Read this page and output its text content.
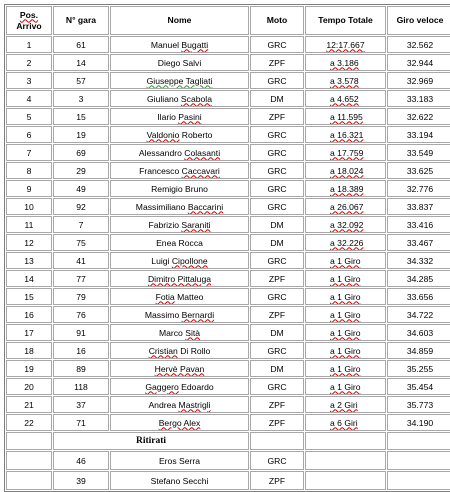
Pos.
Arrivo	N° gara	Nome	Moto	Tempo Totale	Giro veloce
1	61	Manuel Bugatti	GRC	12:17.667	32.562
2	14	Diego Salvi	ZPF	a 3.186	32.944
3	57	Giuseppe Tagliati	GRC	a 3.578	32.969
4	3	Giuliano Scabola	DM	a 4.652	33.183
5	15	Ilario Pasini	ZPF	a 11.595	32.622
6	19	Valdonio Roberto	GRC	a 16.321	33.194
7	69	Alessandro Colasanti	GRC	a 17.759	33.549
8	29	Francesco Caccavari	GRC	a 18.024	33.625
9	49	Remigio Bruno	GRC	a 18.389	32.776
10	92	Massimiliano Baccarini	GRC	a 26.067	33.837
11	7	Fabrizio Saraniti	DM	a 32.092	33.416
12	75	Enea Rocca	DM	a 32.226	33.467
13	41	Luigi Cipollone	GRC	a 1 Giro	34.332
14	77	Dimitro Pittaluga	ZPF	a 1 Giro	34.285
15	79	Fotia Matteo	GRC	a 1 Giro	33.656
16	76	Massimo Bernardi	ZPF	a 1 Giro	34.722
17	91	Marco Sità	DM	a 1 Giro	34.603
18	16	Cristian Di Rollo	GRC	a 1 Giro	34.859
19	89	Hervè Pavan	DM	a 1 Giro	35.255
20	118	Gaggero Edoardo	GRC	a 1 Giro	35.454
21	37	Andrea Mastrigli	ZPF	a 2 Giri	35.773
22	71	Bergo Alex	ZPF	a 6 Giri	34.190
	Ritirati				
	46	Eros Serra	GRC		
	39	Stefano Secchi	ZPF		
